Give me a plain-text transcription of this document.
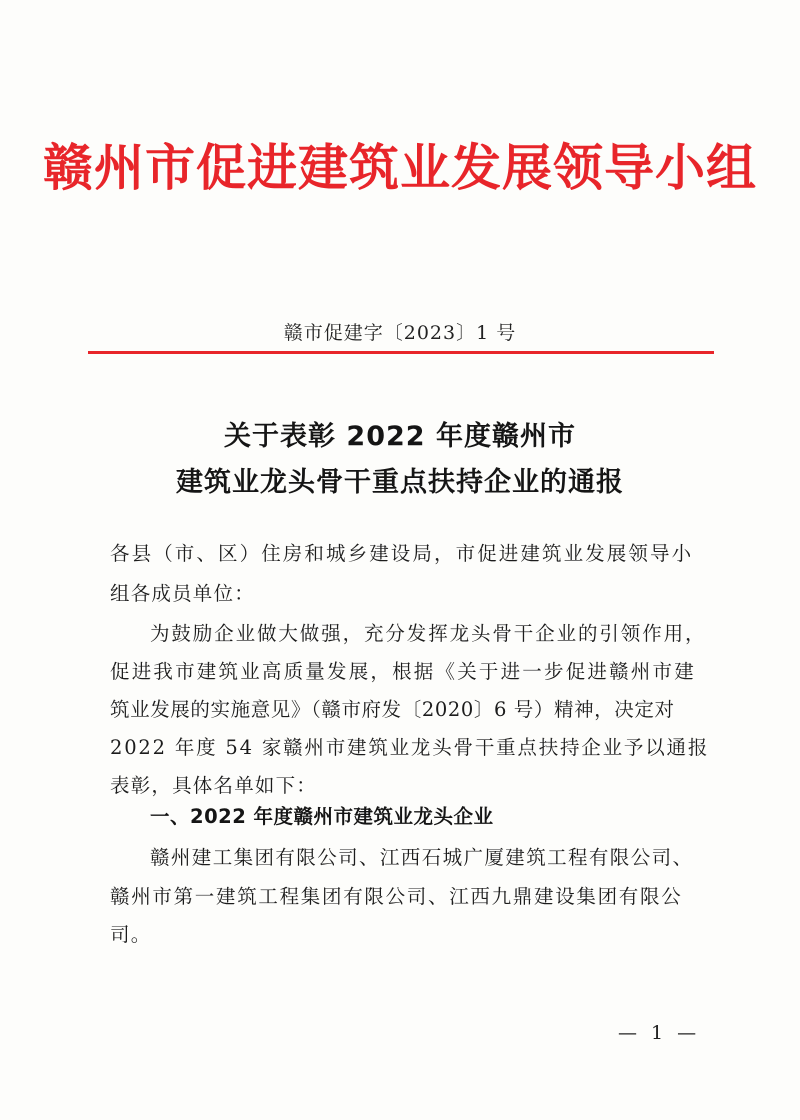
赣州市促进建筑业发展领导小组
赣市促建字〔2023〕1 号
关于表彰 2022 年度赣州市
建筑业龙头骨干重点扶持企业的通报
各县（市、区）住房和城乡建设局，市促进建筑业发展领导小
组各成员单位：
为鼓励企业做大做强，充分发挥龙头骨干企业的引领作用，
促进我市建筑业高质量发展，根据《关于进一步促进赣州市建
筑业发展的实施意见》（赣市府发〔2020〕6 号）精神，决定对
2022 年度 54 家赣州市建筑业龙头骨干重点扶持企业予以通报
表彰，具体名单如下：
一、2022 年度赣州市建筑业龙头企业
赣州建工集团有限公司、江西石城广厦建筑工程有限公司、
赣州市第一建筑工程集团有限公司、江西九鼎建设集团有限公
司。
— 1 —
